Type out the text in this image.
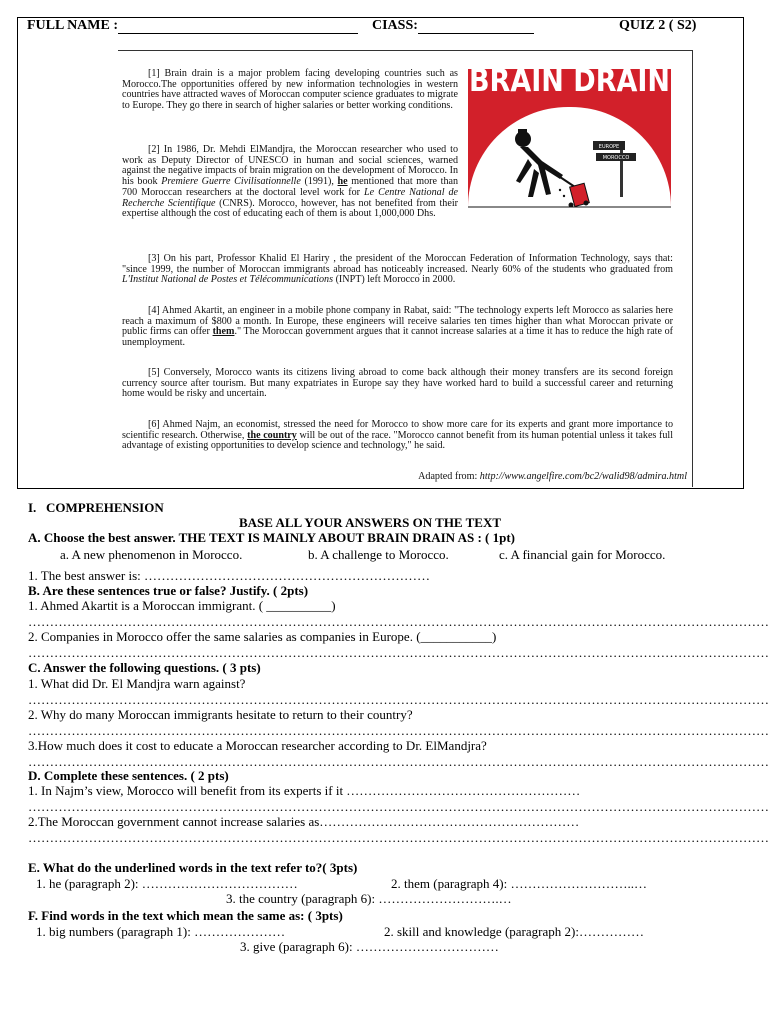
FULL NAME :	CIASS:	QUIZ 2 ( S2)
[1] Brain drain is a major problem facing developing countries such as Morocco.The opportunities offered by new information technologies in western countries have attracted waves of Moroccan computer science graduates to migrate to Europe. They go there in search of higher salaries or better working conditions.
[2] In 1986, Dr. Mehdi ElMandjra, the Moroccan researcher who used to work as Deputy Director of UNESCO in human and social sciences, warned against the negative impacts of brain migration on the development of Morocco. In his book Premiere Guerre Civilisationnelle (1991), he mentioned that more than 700 Moroccan researchers at the doctoral level work for Le Centre National de Recherche Scientifique (CNRS). Morocco, however, has not benefited from their expertise although the cost of educating each of them is about 1,000,000 Dhs.
[3] On his part, Professor Khalid El Hariry , the president of the Moroccan Federation of Information Technology, says that: "since 1999, the number of Moroccan immigrants abroad has noticeably increased. Nearly 60% of the students who graduated from L'Institut National de Postes et Télécommunications (INPT) left Morocco in 2000.
[4] Ahmed Akartit, an engineer in a mobile phone company in Rabat, said: "The technology experts left Morocco as salaries here reach a maximum of $800 a month. In Europe, these engineers will receive salaries ten times higher than what Moroccan private or public firms can offer them." The Moroccan government argues that it cannot increase salaries at a time it has to reduce the high rate of unemployment.
[5] Conversely, Morocco wants its citizens living abroad to come back although their money transfers are its second foreign currency source after tourism. But many expatriates in Europe say they have worked hard to build a successful career and returning home would be risky and uncertain.
[6] Ahmed Najm, an economist, stressed the need for Morocco to show more care for its experts and grant more importance to scientific research. Otherwise, the country will be out of the race. "Morocco cannot benefit from its human potential unless it takes full advantage of existing opportunities to develop science and technology," he said.
Adapted from: http://www.angelfire.com/bc2/walid98/admira.html
BRAIN DRAIN
EUROPE
MOROCCO
I. COMPREHENSION
BASE ALL YOUR ANSWERS ON THE TEXT
A. Choose the best answer. THE TEXT IS MAINLY ABOUT BRAIN DRAIN AS : ( 1pt)
a. A new phenomenon in Morocco.	b. A challenge to Morocco.	c. A financial gain for Morocco.
1. The best answer is: …………………………………………………………
B. Are these sentences true or false? Justify. ( 2pts)
1. Ahmed Akartit is a Moroccan immigrant. ( __________)
………………………………………………………………………………………………………………………………………………………
2. Companies in Morocco offer the same salaries as companies in Europe. (___________)
………………………………………………………………………………………………………………………………………………………
C. Answer the following questions. ( 3 pts)
1. What did Dr. El Mandjra warn against?
………………………………………………………………………………………………………………………………………………………
2. Why do many Moroccan immigrants hesitate to return to their country?
………………………………………………………………………………………………………………………………………………………
3.How much does it cost to educate a Moroccan researcher according to Dr. ElMandjra?
………………………………………………………………………………………………………………………………………………………
D. Complete these sentences. ( 2 pts)
1. In Najm’s view, Morocco will benefit from its experts if it ………………………………………………
………………………………………………………………………………………………………………………………………………………
2.The Moroccan government cannot increase salaries as……………………………………………………
………………………………………………………………………………………………………………………………………………………
E. What do the underlined words in the text refer to?( 3pts)
1. he (paragraph 2): ………………………………	2. them (paragraph 4): ………………………..…
3. the country (paragraph 6): ……………………….…
F. Find words in the text which mean the same as: ( 3pts)
1. big numbers (paragraph 1): …………………	2. skill and knowledge (paragraph 2):……………
3. give (paragraph 6): ……………………………
